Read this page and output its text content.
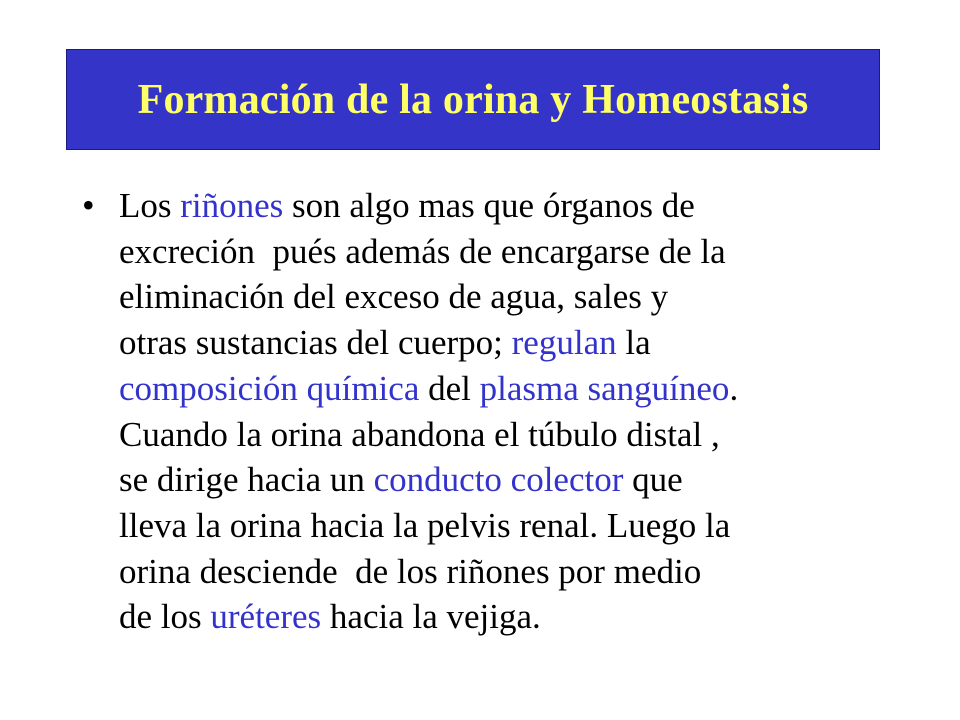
Formación de la orina y Homeostasis
• Los riñones son algo mas que órganos de
excreción  pués además de encargarse de la
eliminación del exceso de agua, sales y
otras sustancias del cuerpo; regulan la
composición química del plasma sanguíneo.
Cuando la orina abandona el túbulo distal ,
se dirige hacia un conducto colector que
lleva la orina hacia la pelvis renal. Luego la
orina desciende  de los riñones por medio
de los uréteres hacia la vejiga.
